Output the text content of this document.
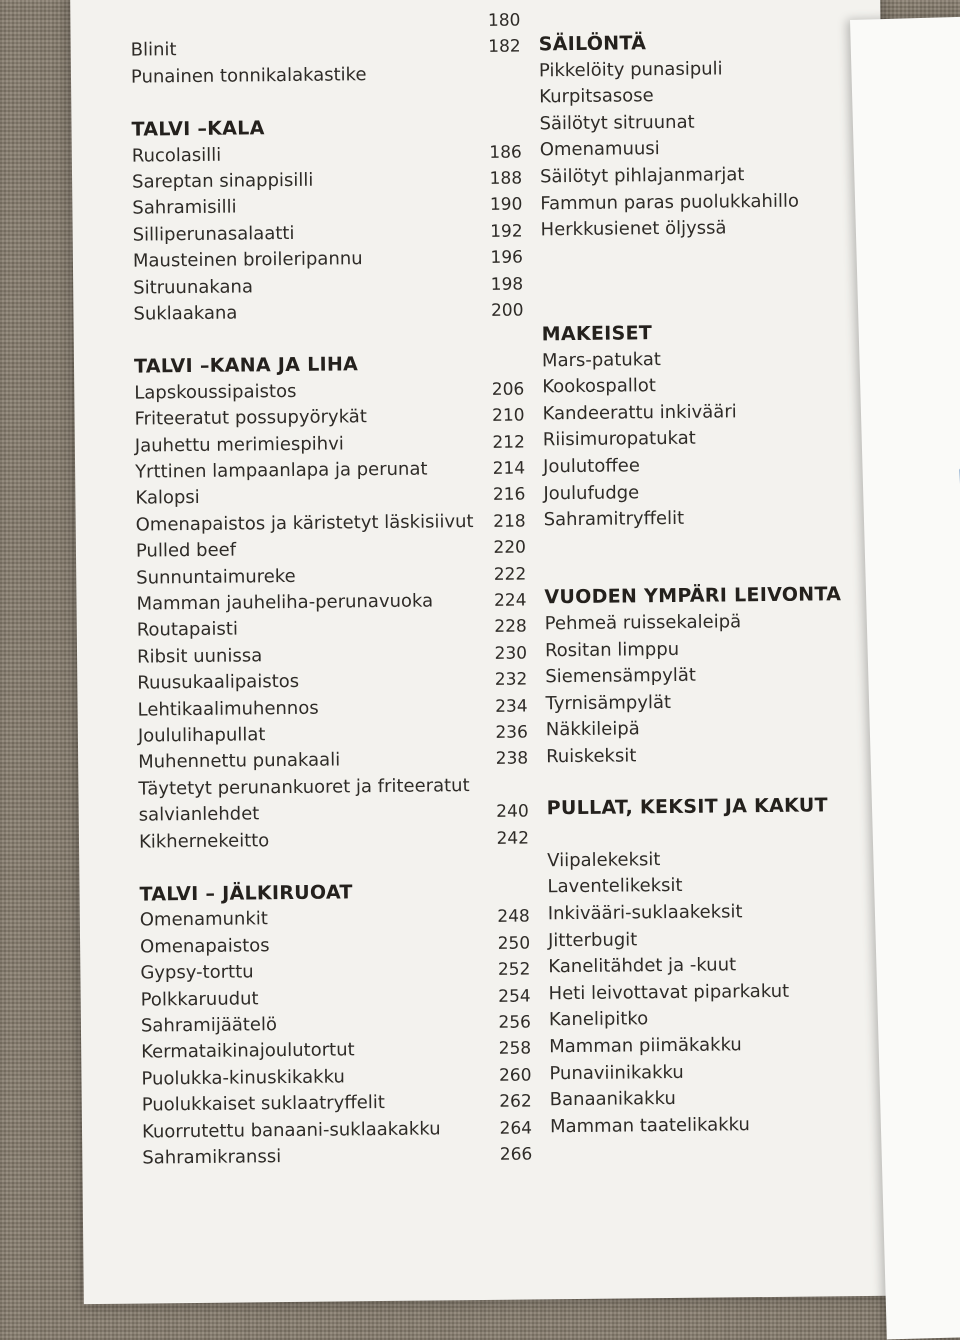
180
Blinit	182
Punainen tonnikalakastike
TALVI –KALA
Rucolasilli	186
Sareptan sinappisilli	188
Sahramisilli	190
Silliperunasalaatti	192
Mausteinen broileripannu	196
Sitruunakana	198
Suklaakana	200
TALVI –KANA JA LIHA
Lapskoussipaistos	206
Friteeratut possupyörykät	210
Jauhettu merimiespihvi	212
Yrttinen lampaanlapa ja perunat	214
Kalopsi	216
Omenapaistos ja käristetyt läskisiivut	218
Pulled beef	220
Sunnuntaimureke	222
Mamman jauheliha-perunavuoka	224
Routapaisti	228
Ribsit uunissa	230
Ruusukaalipaistos	232
Lehtikaalimuhennos	234
Joululihapullat	236
Muhennettu punakaali	238
Täytetyt perunankuoret ja friteeratut
salvianlehdet	240
Kikhernekeitto	242
TALVI – JÄLKIRUOAT
Omenamunkit	248
Omenapaistos	250
Gypsy-torttu	252
Polkkaruudut	254
Sahramijäätelö	256
Kermataikinajoulutortut	258
Puolukka-kinuskikakku	260
Puolukkaiset suklaatryffelit	262
Kuorrutettu banaani-suklaakakku	264
Sahramikranssi	266
SÄILÖNTÄ
Pikkelöity punasipuli
Kurpitsasose
Säilötyt sitruunat
Omenamuusi
Säilötyt pihlajanmarjat
Fammun paras puolukkahillo
Herkkusienet öljyssä
MAKEISET
Mars-patukat
Kookospallot
Kandeerattu inkivääri
Riisimuropatukat
Joulutoffee
Joulufudge
Sahramitryffelit
VUODEN YMPÄRI LEIVONTA
Pehmeä ruissekaleipä
Rositan limppu
Siemensämpylät
Tyrnisämpylät
Näkkileipä
Ruiskeksit
PULLAT, KEKSIT JA KAKUT
Viipalekeksit
Laventelikeksit
Inkivääri-suklaakeksit
Jitterbugit
Kanelitähdet ja -kuut
Heti leivottavat piparkakut
Kanelipitko
Mamman piimäkakku
Punaviinikakku
Banaanikakku
Mamman taatelikakku
